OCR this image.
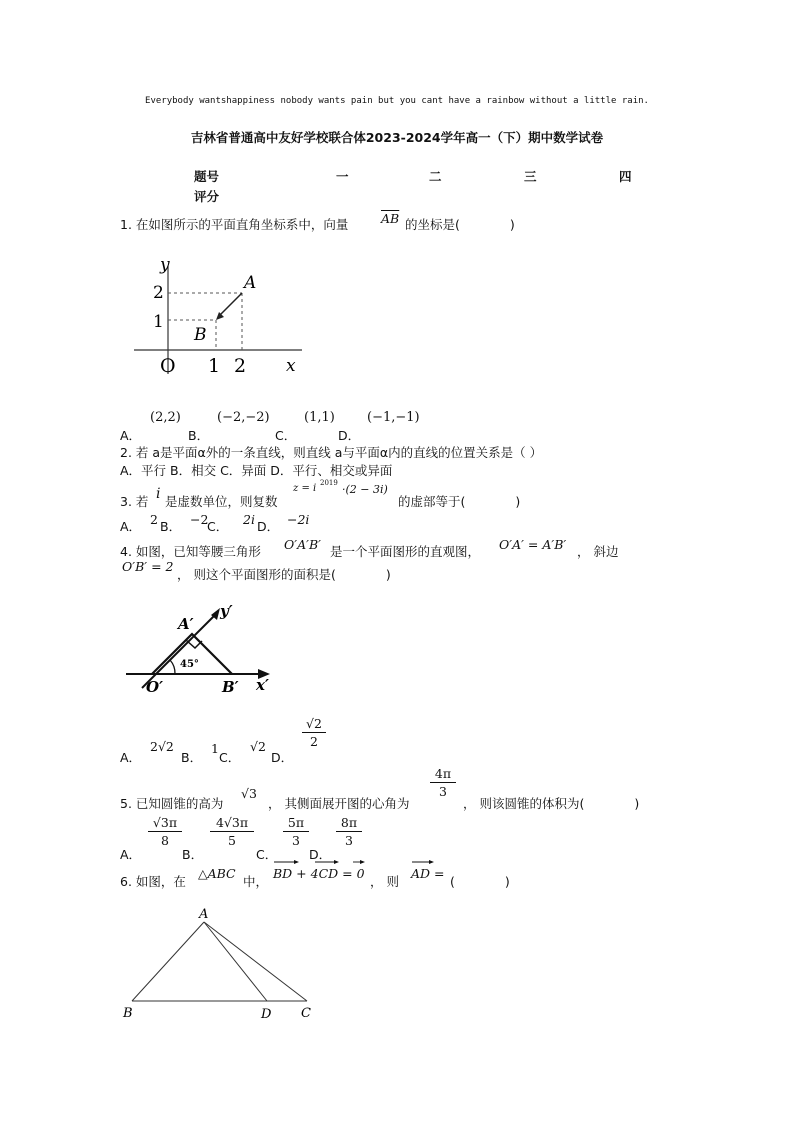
Everybody wantshappiness nobody wants pain but you cant have a rainbow without a little rain.
吉林省普通高中友好学校联合体2023-2024学年高一（下）期中数学试卷
题号	一	二	三	四
评分
1. 在如图所示的平面直角坐标系中，向量	$\overline{AB}$ 的坐标是(　　　　)
y
2
1
A
B
O 1 2 x
A．
(2,2)
B．
(−2,−2)
C．
(1,1)
D．
(−1,−1)
2. 若 a是平面α外的一条直线，则直线 a与平面α内的直线的位置关系是（ ）
A．平行 B．相交 C．异面 D．平行、相交或异面
3. 若 i 是虚数单位，则复数
z = i 2019 ·(2 − 3i)
的虚部等于(　　　　)
A． 2 B． −2
C． 2i D． −2i
4. 如图，已知等腰三角形 O′A′B′ 是一个平面图形的直观图， O′A′ = A′B′ ， 斜边
O′B′ = 2
， 则这个平面图形的面积是(　　　　)
A′
y′
45°
O′	B′ x′
A．
2√2
B．
1
C．
√2
D．
√2
2
5. 已知圆锥的高为
√3
， 其侧面展开图的心角为
4π
3
， 则该圆锥的体积为(　　　　)
A．
√3π
8
B．
4√3π
5
C．
5π
3
D．
8π
3
6. 如图，在
△ABC
中，
BD + 4CD = 0
， 则
AD =
(　　　　)
A
B	D C
